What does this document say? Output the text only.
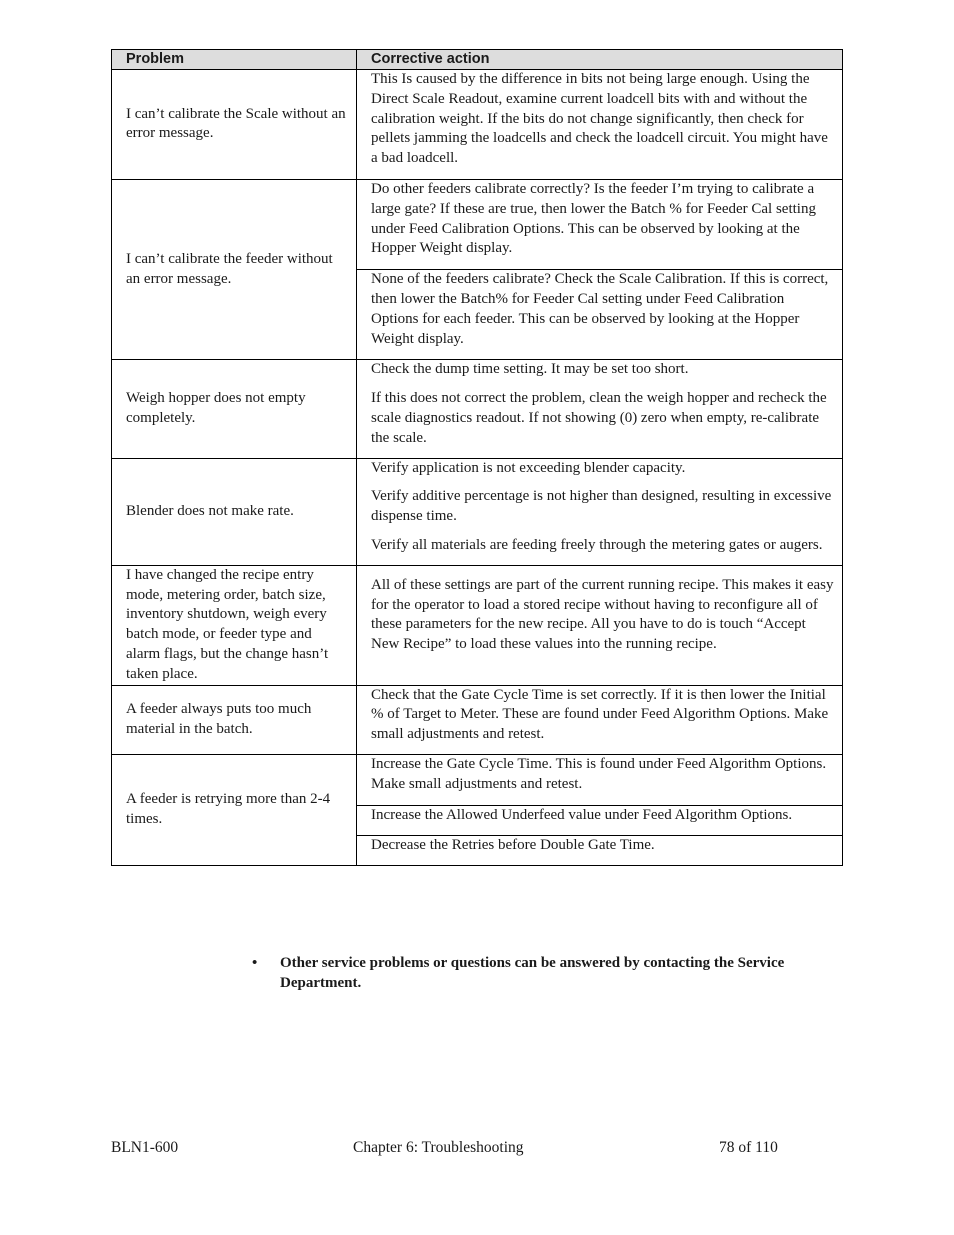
Problem	Corrective action
I can’t calibrate the Scale without an error message.	This Is caused by the difference in bits not being large enough. Using the Direct Scale Readout, examine current loadcell bits with and without the calibration weight. If the bits do not change significantly, then check for pellets jamming the loadcells and check the loadcell circuit. You might have a bad loadcell.

I can’t calibrate the feeder without an error message.	Do other feeders calibrate correctly? Is the feeder I’m trying to calibrate a large gate? If these are true, then lower the Batch % for Feeder Cal setting under Feed Calibration Options. This can be observed by looking at the Hopper Weight display.

None of the feeders calibrate? Check the Scale Calibration. If this is correct, then lower the Batch% for Feeder Cal setting under Feed Calibration Options for each feeder. This can be observed by looking at the Hopper Weight display.

Weigh hopper does not empty completely.	Check the dump time setting. It may be set too short.

If this does not correct the problem, clean the weigh hopper and recheck the scale diagnostics readout. If not showing (0) zero when empty, re-calibrate the scale.

Blender does not make rate.	Verify application is not exceeding blender capacity.

Verify additive percentage is not higher than designed, resulting in excessive dispense time.

Verify all materials are feeding freely through the metering gates or augers.

I have changed the recipe entry mode, metering order, batch size, inventory shutdown, weigh every batch mode, or feeder type and alarm flags, but the change hasn’t taken place.	All of these settings are part of the current running recipe. This makes it easy for the operator to load a stored recipe without having to reconfigure all of these parameters for the new recipe. All you have to do is touch “Accept New Recipe” to load these values into the running recipe.

A feeder always puts too much material in the batch.	Check that the Gate Cycle Time is set correctly. If it is then lower the Initial % of Target to Meter. These are found under Feed Algorithm Options. Make small adjustments and retest.

A feeder is retrying more than 2-4 times.	Increase the Gate Cycle Time. This is found under Feed Algorithm Options. Make small adjustments and retest.

Increase the Allowed Underfeed value under Feed Algorithm Options.

Decrease the Retries before Double Gate Time.

• Other service problems or questions can be answered by contacting the Service Department.
BLN1-600	Chapter 6: Troubleshooting	78 of 110
